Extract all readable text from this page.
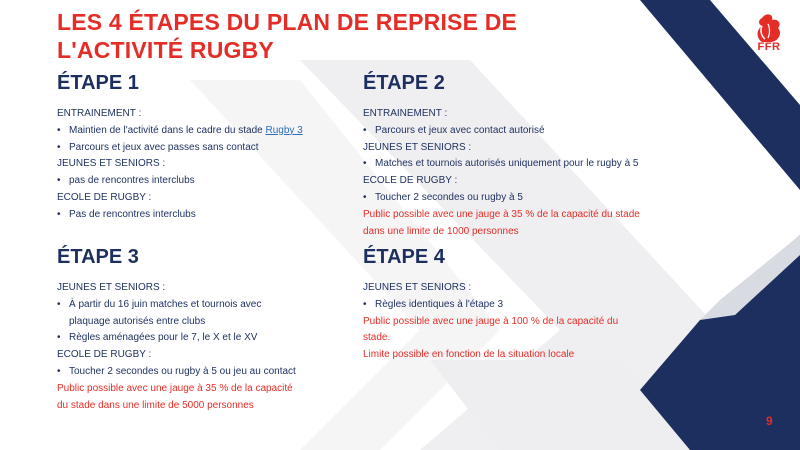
LES 4 ÉTAPES DU PLAN DE REPRISE DE
L'ACTIVITÉ RUGBY	FFR
ÉTAPE 1
ENTRAINEMENT :
• Maintien de l'activité dans le cadre du stade Rugby 3
• Parcours et jeux avec passes sans contact
JEUNES ET SENIORS :
• pas de rencontres interclubs
ECOLE DE RUGBY :
• Pas de rencontres interclubs
ÉTAPE 2
ENTRAINEMENT :
• Parcours et jeux avec contact autorisé
JEUNES ET SENIORS :
• Matches et tournois autorisés uniquement pour le rugby à 5
ECOLE DE RUGBY :
• Toucher 2 secondes ou rugby à 5
Public possible avec une jauge à 35 % de la capacité du stade
dans une limite de 1000 personnes
ÉTAPE 3
JEUNES ET SENIORS :
• À partir du 16 juin matches et tournois avec
plaquage autorisés entre clubs
• Règles aménagées pour le 7, le X et le XV
ECOLE DE RUGBY :
• Toucher 2 secondes ou rugby à 5 ou jeu au contact
Public possible avec une jauge à 35 % de la capacité
du stade dans une limite de 5000 personnes
ÉTAPE 4
JEUNES ET SENIORS :
• Règles identiques à l'étape 3
Public possible avec une jauge à 100 % de la capacité du
stade.
Limite possible en fonction de la situation locale
9
